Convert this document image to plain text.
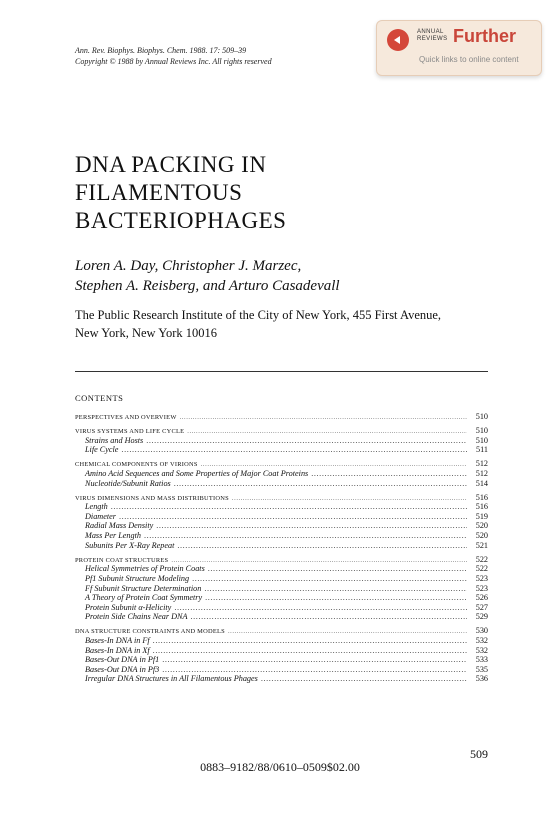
Ann. Rev. Biophys. Biophys. Chem. 1988. 17: 509–39
Copyright © 1988 by Annual Reviews Inc. All rights reserved
ANNUAL
REVIEWS Further
Quick links to online content
DNA PACKING IN
FILAMENTOUS
BACTERIOPHAGES
Loren A. Day, Christopher J. Marzec,
Stephen A. Reisberg, and Arturo Casadevall
The Public Research Institute of the City of New York, 455 First Avenue,
New York, New York 10016
CONTENTS
PERSPECTIVES AND OVERVIEW .....	510
VIRUS SYSTEMS AND LIFE CYCLE .....	510
Strains and Hosts .....	510
Life Cycle .....	511
CHEMICAL COMPONENTS OF VIRIONS .....	512
Amino Acid Sequences and Some Properties of Major Coat Proteins .....	512
Nucleotide/Subunit Ratios .....	514
VIRUS DIMENSIONS AND MASS DISTRIBUTIONS .....	516
Length .....	516
Diameter .....	519
Radial Mass Density .....	520
Mass Per Length .....	520
Subunits Per X-Ray Repeat .....	521
PROTEIN COAT STRUCTURES .....	522
Helical Symmetries of Protein Coats .....	522
Pf1 Subunit Structure Modeling .....	523
Ff Subunit Structure Determination .....	523
A Theory of Protein Coat Symmetry .....	526
Protein Subunit α-Helicity .....	527
Protein Side Chains Near DNA .....	529
DNA STRUCTURE CONSTRAINTS AND MODELS .....	530
Bases-In DNA in Ff .....	532
Bases-In DNA in Xf .....	532
Bases-Out DNA in Pf1 .....	533
Bases-Out DNA in Pf3 .....	535
Irregular DNA Structures in All Filamentous Phages .....	536
509
0883–9182/88/0610–0509$02.00
